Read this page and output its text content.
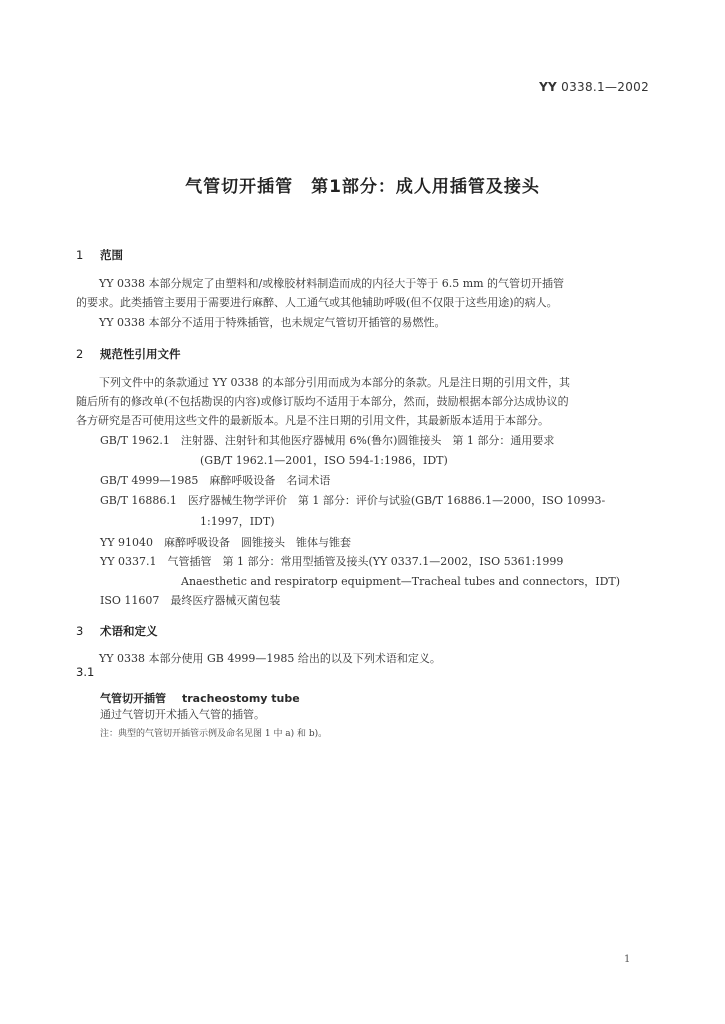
YY 0338.1—2002
气管切开插管　第1部分：成人用插管及接头
1 范围
YY 0338 本部分规定了由塑料和/或橡胶材料制造而成的内径大于等于 6.5 mm 的气管切开插管
的要求。此类插管主要用于需要进行麻醉、人工通气或其他辅助呼吸(但不仅限于这些用途)的病人。
YY 0338 本部分不适用于特殊插管，也未规定气管切开插管的易燃性。
2 规范性引用文件
下列文件中的条款通过 YY 0338 的本部分引用而成为本部分的条款。凡是注日期的引用文件，其
随后所有的修改单(不包括勘误的内容)或修订版均不适用于本部分，然而，鼓励根据本部分达成协议的
各方研究是否可使用这些文件的最新版本。凡是不注日期的引用文件，其最新版本适用于本部分。
GB/T 1962.1　注射器、注射针和其他医疗器械用 6%(鲁尔)圆锥接头　第 1 部分：通用要求
(GB/T 1962.1—2001，ISO 594-1:1986，IDT)
GB/T 4999—1985　麻醉呼吸设备　名词术语
GB/T 16886.1　医疗器械生物学评价　第 1 部分：评价与试验(GB/T 16886.1—2000，ISO 10993-
1:1997，IDT)
YY 91040　麻醉呼吸设备　圆锥接头　锥体与锥套
YY 0337.1　气管插管　第 1 部分：常用型插管及接头(YY 0337.1—2002，ISO 5361:1999
Anaesthetic and respiratorp equipment—Tracheal tubes and connectors，IDT)
ISO 11607　最终医疗器械灭菌包装
3 术语和定义
YY 0338 本部分使用 GB 4999—1985 给出的以及下列术语和定义。
3.1
气管切开插管 tracheostomy tube
通过气管切开术插入气管的插管。
注：典型的气管切开插管示例及命名见图 1 中 a) 和 b)。
1
